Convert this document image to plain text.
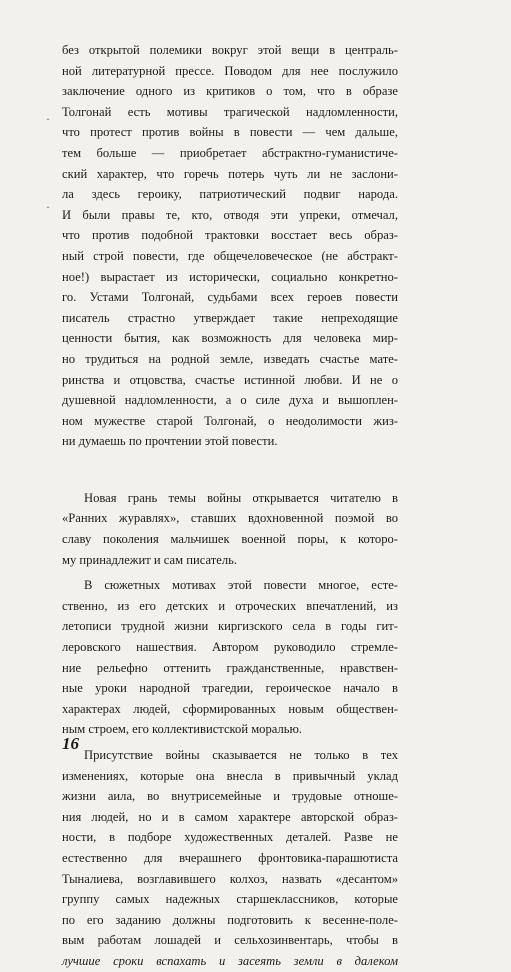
без открытой полемики вокруг этой вещи в централь-
ной литературной прессе. Поводом для нее послужило
заключение одного из критиков о том, что в образе
Толгонай есть мотивы трагической надломленности,
что протест против войны в повести — чем дальше,
тем больше — приобретает абстрактно-гуманистиче-
ский характер, что горечь потерь чуть ли не заслони-
ла здесь героику, патриотический подвиг народа.
И были правы те, кто, отводя эти упреки, отмечал,
что против подобной трактовки восстает весь образ-
ный строй повести, где общечеловеческое (не абстракт-
ное!) вырастает из исторически, социально конкретно-
го. Устами Толгонай, судьбами всех героев повести
писатель страстно утверждает такие непреходящие
ценности бытия, как возможность для человека мир-
но трудиться на родной земле, изведать счастье мате-
ринства и отцовства, счастье истинной любви. И не о
душевной надломленности, а о силе духа и вышоплен-
ном мужестве старой Толгонай, о неодолимости жиз-
ни думаешь по прочтении этой повести.
Новая грань темы войны открывается читателю в
«Ранних журавлях», ставших вдохновенной поэмой во
славу поколения мальчишек военной поры, к которо-
му принадлежит и сам писатель.
В сюжетных мотивах этой повести многое, есте-
ственно, из его детских и отроческих впечатлений, из
летописи трудной жизни киргизского села в годы гит-
леровского нашествия. Автором руководило стремле-
ние рельефно оттенить гражданственные, нравствен-
ные уроки народной трагедии, героическое начало в
характерах людей, сформированных новым обществен-
ным строем, его коллективистской моралью.
Присутствие войны сказывается не только в тех
изменениях, которые она внесла в привычный уклад
жизни аила, во внутрисемейные и трудовые отноше-
ния людей, но и в самом характере авторской образ-
ности, в подборе художественных деталей. Разве не
естественно для вчерашнего фронтовика-парашютиста
Тыналиева, возглавившего колхоз, назвать «десантом»
группу самых надежных старшеклассников, которые
по его заданию должны подготовить к весенне-поле-
вым работам лошадей и сельхозинвентарь, чтобы в
лучшие сроки вспахать и засеять земли в далеком
·
·
16
